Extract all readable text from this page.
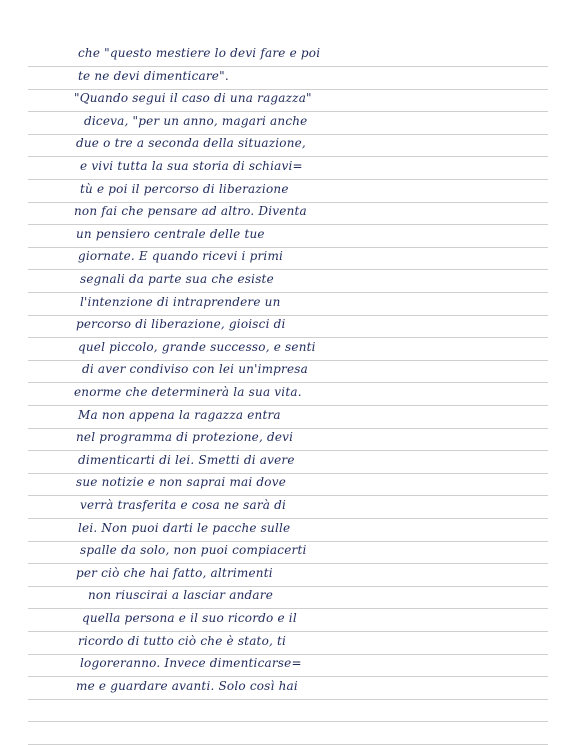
che "questo mestiere lo devi fare e poi
te ne devi dimenticare".
"Quando segui il caso di una ragazza"
diceva, "per un anno, magari anche
due o tre a seconda della situazione,
e vivi tutta la sua storia di schiavi=
tù e poi il percorso di liberazione
non fai che pensare ad altro. Diventa
un pensiero centrale delle tue
giornate. E quando ricevi i primi
segnali da parte sua che esiste
l'intenzione di intraprendere un
percorso di liberazione, gioisci di
quel piccolo, grande successo, e senti
di aver condiviso con lei un'impresa
enorme che determinerà la sua vita.
Ma non appena la ragazza entra
nel programma di protezione, devi
dimenticarti di lei. Smetti di avere
sue notizie e non saprai mai dove
verrà trasferita e cosa ne sarà di
lei. Non puoi darti le pacche sulle
spalle da solo, non puoi compiacerti
per ciò che hai fatto, altrimenti
non riuscirai a lasciar andare
quella persona e il suo ricordo e il
ricordo di tutto ciò che è stato, ti
logoreranno. Invece dimenticarse=
me e guardare avanti. Solo così hai
